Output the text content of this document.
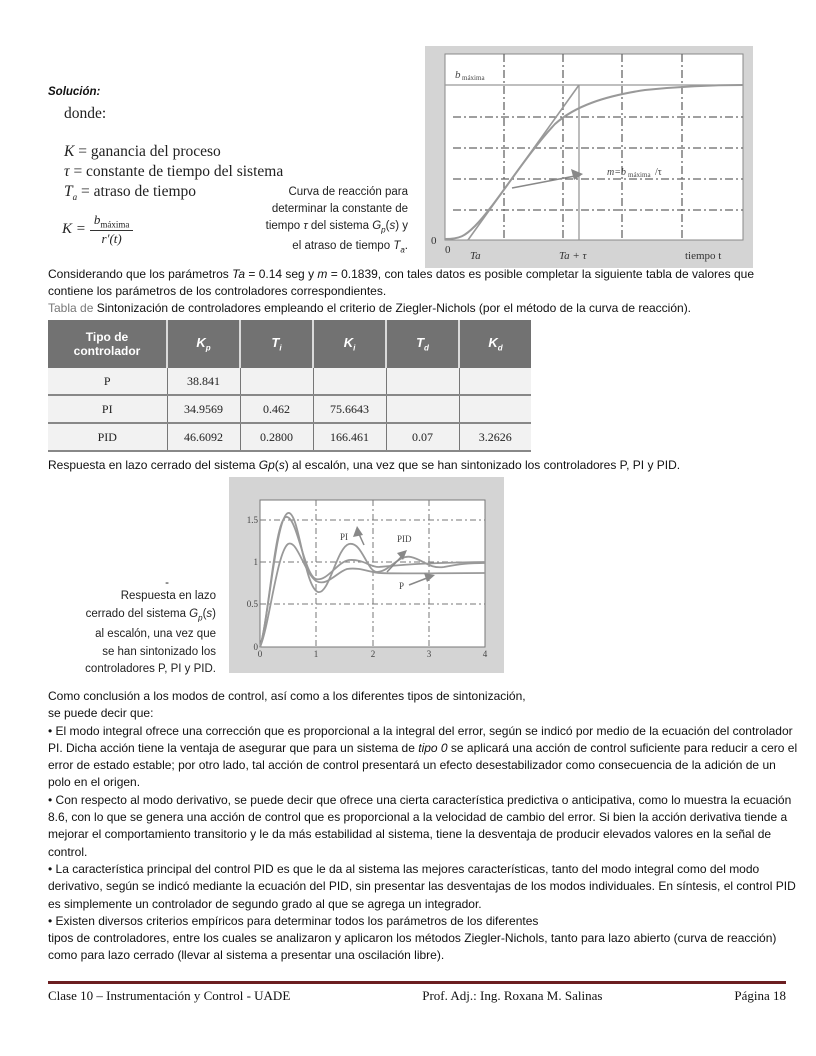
Solución:
donde:
K = ganancia del proceso
τ = constante de tiempo del sistema
$T_a$ = atraso de tiempo
$K = \frac{b_{máxima}}{r'(t)}$
Curva de reacción para
determinar la constante de
tiempo τ del sistema $G_p(s)$ y
el atraso de tiempo $T_a$.
b máxima
m=b máxima /τ
0
0 Ta	Ta + τ	tiempo t
Considerando que los parámetros Ta = 0.14 seg y m = 0.1839, con tales datos es posible completar la siguiente tabla de valores que contiene los parámetros de los controladores correspondientes.
Tabla de Sintonización de controladores empleando el criterio de Ziegler-Nichols (por el método de la curva de reacción).
Tipo de
controlador	$K_p$	$T_i$	$K_i$	$T_d$	$K_d$
P	38.841				
PI	34.9569	0.462	75.6643		
PID	46.6092	0.2800	166.461	0.07	3.2626
Respuesta en lazo cerrado del sistema Gp(s) al escalón, una vez que se han sintonizado los controladores P, PI y PID.
-
Respuesta en lazo
cerrado del sistema $G_p(s)$
al escalón, una vez que
se han sintonizado los
controladores P, PI y PID.
PI	PID
P
0
0.5
1
1.5
0	1	2	3	4

Como conclusión a los modos de control, así como a los diferentes tipos de sintonización,

se puede decir que:

• El modo integral ofrece una corrección que es proporcional a la integral del error, según se indicó por medio de la ecuación del controlador PI. Dicha acción tiene la ventaja de asegurar que para un sistema de tipo 0 se aplicará una acción de control suficiente para reducir a cero el error de estado estable; por otro lado, tal acción de control presentará un efecto desestabilizador como consecuencia de la adición de un polo en el origen.

• Con respecto al modo derivativo, se puede decir que ofrece una cierta característica predictiva o anticipativa, como lo muestra la ecuación 8.6, con lo que se genera una acción de control que es proporcional a la velocidad de cambio del error. Si bien la acción derivativa tiende a mejorar el comportamiento transitorio y le da más estabilidad al sistema, tiene la desventaja de producir elevados valores en la señal de control.

• La característica principal del control PID es que le da al sistema las mejores características, tanto del modo integral como del modo derivativo, según se indicó mediante la ecuación del PID, sin presentar las desventajas de los modos individuales. En síntesis, el control PID es simplemente un controlador de segundo grado al que se agrega un integrador.

• Existen diversos criterios empíricos para determinar todos los parámetros de los diferentes

tipos de controladores, entre los cuales se analizaron y aplicaron los métodos Ziegler-Nichols, tanto para lazo abierto (curva de reacción) como para lazo cerrado (llevar al sistema a presentar una oscilación libre).

Clase 10 – Instrumentación y Control - UADE	Prof. Adj.: Ing. Roxana M. Salinas	Página 18
